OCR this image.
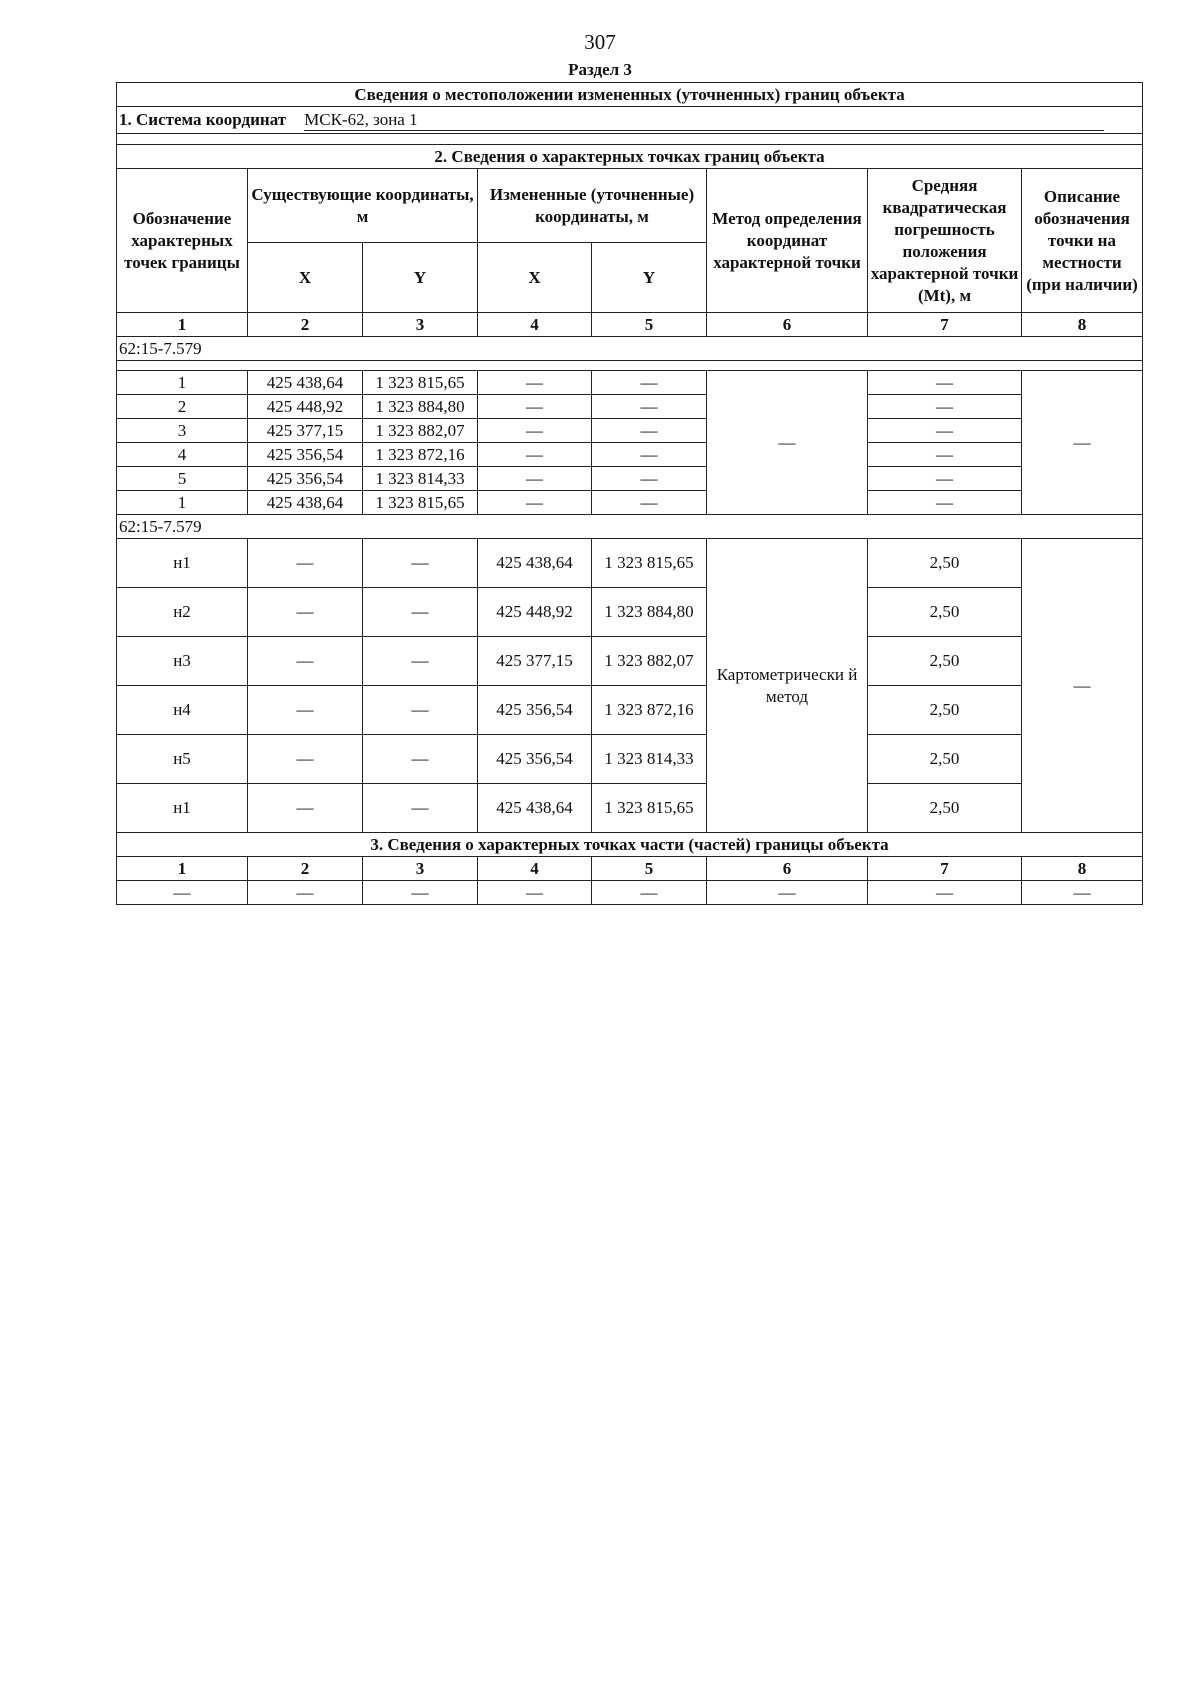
307
Раздел 3
Сведения о местоположении измененных (уточненных) границ объекта							
1. Система координат МСК-62, зона 1							

2. Сведения о характерных точках границ объекта							
Обозначение характерных точек границы	Существующие координаты, м		Измененные (уточненные) координаты, м		Метод определения координат характерной точки	Средняя квадратическая погрешность положения характерной точки (Mt), м	Описание обозначения точки на местности (при наличии)
	X	Y	X	Y			
1	2	3	4	5	6	7	8
62:15-7.579							

1	425 438,64	1 323 815,65	—	—	—	—	—
2	425 448,92	1 323 884,80	—	—		—	
3	425 377,15	1 323 882,07	—	—		—	
4	425 356,54	1 323 872,16	—	—		—	
5	425 356,54	1 323 814,33	—	—		—	
1	425 438,64	1 323 815,65	—	—		—	
62:15-7.579							
н1	—	—	425 438,64	1 323 815,65	Картометрически й метод	2,50	—
н2	—	—	425 448,92	1 323 884,80		2,50	
н3	—	—	425 377,15	1 323 882,07		2,50	
н4	—	—	425 356,54	1 323 872,16		2,50	
н5	—	—	425 356,54	1 323 814,33		2,50	
н1	—	—	425 438,64	1 323 815,65		2,50	
3. Сведения о характерных точках части (частей) границы объекта							
1	2	3	4	5	6	7	8
—	—	—	—	—	—	—	—
